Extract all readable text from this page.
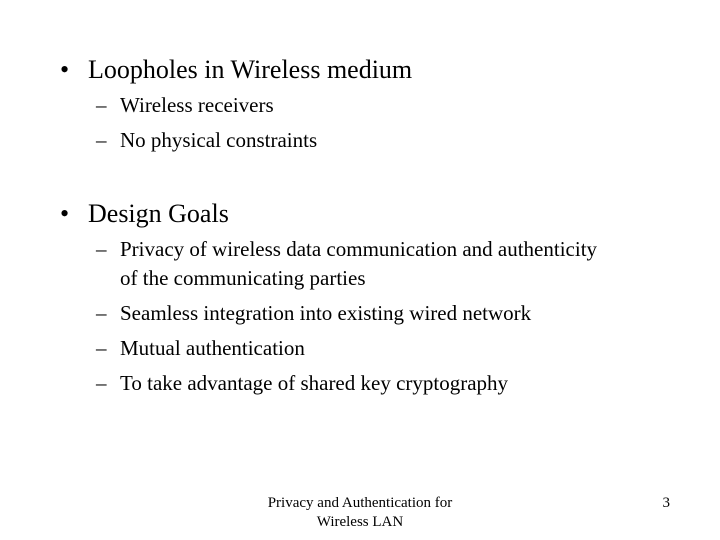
• Loopholes in Wireless medium
– Wireless receivers
– No physical constraints
• Design Goals
– Privacy of wireless data communication and authenticity of the communicating parties
– Seamless integration into existing wired network
– Mutual authentication
– To take advantage of shared key cryptography
Privacy and Authentication for
Wireless LAN
3
